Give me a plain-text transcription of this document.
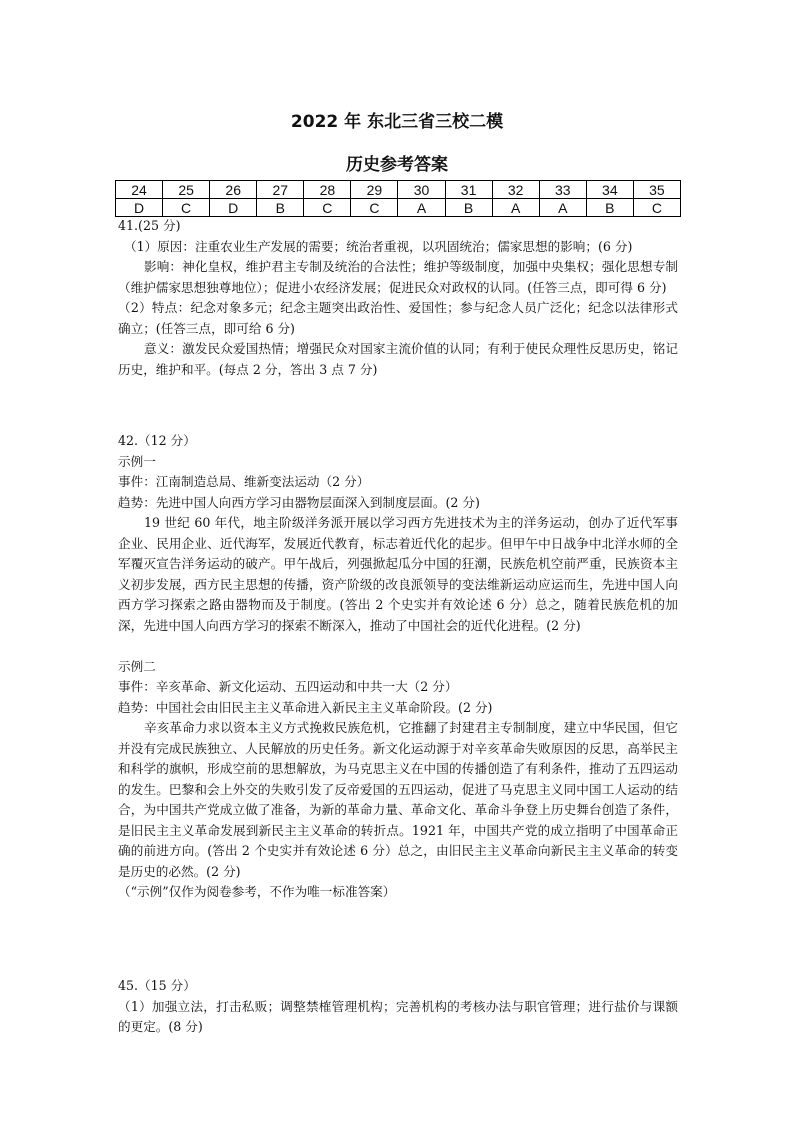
2022 年 东北三省三校二模
历史参考答案
24	25	26	27	28	29	30	31	32	33	34	35
D	C	D	B	C	C	A	B	A	A	B	C

41.(25 分)

（1）原因：注重农业生产发展的需要；统治者重视，以巩固统治；儒家思想的影响；(6 分)

影响：神化皇权，维护君主专制及统治的合法性；维护等级制度，加强中央集权；强化思想专制（维护儒家思想独尊地位）；促进小农经济发展；促进民众对政权的认同。(任答三点，即可得 6 分)

（2）特点：纪念对象多元；纪念主题突出政治性、爱国性；参与纪念人员广泛化；纪念以法律形式确立；(任答三点，即可给 6 分)

意义：激发民众爱国热情；增强民众对国家主流价值的认同；有利于使民众理性反思历史，铭记历史，维护和平。(每点 2 分，答出 3 点 7 分)

42.（12 分）

示例一

事件：江南制造总局、维新变法运动（2 分）

趋势：先进中国人向西方学习由器物层面深入到制度层面。(2 分)

19 世纪 60 年代，地主阶级洋务派开展以学习西方先进技术为主的洋务运动，创办了近代军事企业、民用企业、近代海军，发展近代教育，标志着近代化的起步。但甲午中日战争中北洋水师的全军覆灭宣告洋务运动的破产。甲午战后，列强掀起瓜分中国的狂潮，民族危机空前严重，民族资本主义初步发展，西方民主思想的传播，资产阶级的改良派领导的变法维新运动应运而生，先进中国人向西方学习探索之路由器物而及于制度。(答出 2 个史实并有效论述 6 分）总之，随着民族危机的加深，先进中国人向西方学习的探索不断深入，推动了中国社会的近代化进程。(2 分)

示例二

事件：辛亥革命、新文化运动、五四运动和中共一大（2 分）

趋势：中国社会由旧民主主义革命进入新民主主义革命阶段。(2 分)

辛亥革命力求以资本主义方式挽救民族危机，它推翻了封建君主专制制度，建立中华民国，但它并没有完成民族独立、人民解放的历史任务。新文化运动源于对辛亥革命失败原因的反思，高举民主和科学的旗帜，形成空前的思想解放，为马克思主义在中国的传播创造了有利条件，推动了五四运动的发生。巴黎和会上外交的失败引发了反帝爱国的五四运动，促进了马克思主义同中国工人运动的结合，为中国共产党成立做了准备，为新的革命力量、革命文化、革命斗争登上历史舞台创造了条件，是旧民主主义革命发展到新民主主义革命的转折点。1921 年，中国共产党的成立指明了中国革命正确的前进方向。(答出 2 个史实并有效论述 6 分）总之，由旧民主主义革命向新民主主义革命的转变是历史的必然。(2 分)

（“示例”仅作为阅卷参考，不作为唯一标准答案）

45.（15 分）

（1）加强立法，打击私贩；调整禁榷管理机构；完善机构的考核办法与职官管理；进行盐价与课额的更定。(8 分)
